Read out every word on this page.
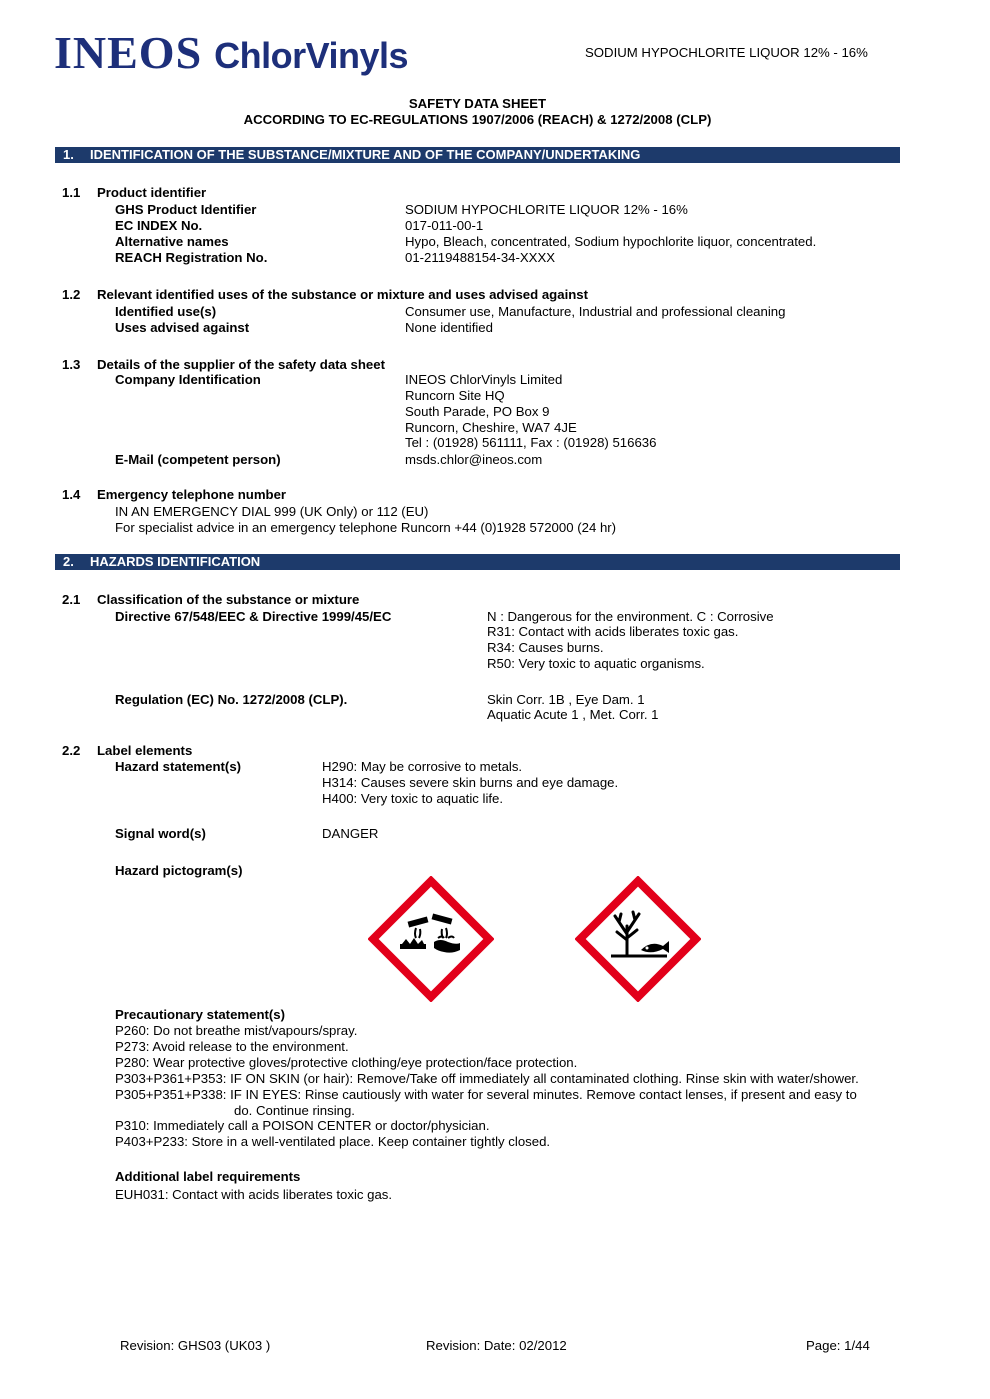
INEOS ChlorVinyls	SODIUM HYPOCHLORITE LIQUOR 12% - 16%
SAFETY DATA SHEET
ACCORDING TO EC-REGULATIONS 1907/2006 (REACH) & 1272/2008 (CLP)
1. IDENTIFICATION OF THE SUBSTANCE/MIXTURE AND OF THE COMPANY/UNDERTAKING
1.1 Product identifier
GHS Product Identifier	SODIUM HYPOCHLORITE LIQUOR 12% - 16%
EC INDEX No.	017-011-00-1
Alternative names	Hypo, Bleach, concentrated, Sodium hypochlorite liquor, concentrated.
REACH Registration No.	01-2119488154-34-XXXX
1.2 Relevant identified uses of the substance or mixture and uses advised against
Identified use(s)	Consumer use, Manufacture, Industrial and professional cleaning
Uses advised against	None identified
1.3 Details of the supplier of the safety data sheet
Company Identification	INEOS ChlorVinyls Limited
Runcorn Site HQ
South Parade, PO Box 9
Runcorn, Cheshire, WA7 4JE
Tel : (01928) 561111, Fax : (01928) 516636
E-Mail (competent person)	msds.chlor@ineos.com
1.4 Emergency telephone number
IN AN EMERGENCY DIAL 999 (UK Only) or 112 (EU)
For specialist advice in an emergency telephone Runcorn +44 (0)1928 572000 (24 hr)
2. HAZARDS IDENTIFICATION
2.1 Classification of the substance or mixture
Directive 67/548/EEC & Directive 1999/45/EC	N : Dangerous for the environment. C : Corrosive
R31: Contact with acids liberates toxic gas.
R34: Causes burns.
R50: Very toxic to aquatic organisms.
Regulation (EC) No. 1272/2008 (CLP).	Skin Corr. 1B , Eye Dam. 1
Aquatic Acute 1 , Met. Corr. 1
2.2 Label elements
Hazard statement(s)	H290: May be corrosive to metals.
H314: Causes severe skin burns and eye damage.
H400: Very toxic to aquatic life.
Signal word(s)	DANGER
Hazard pictogram(s)
Precautionary statement(s)
P260: Do not breathe mist/vapours/spray.
P273: Avoid release to the environment.
P280: Wear protective gloves/protective clothing/eye protection/face protection.
P303+P361+P353: IF ON SKIN (or hair): Remove/Take off immediately all contaminated clothing. Rinse skin with water/shower.
P305+P351+P338: IF IN EYES: Rinse cautiously with water for several minutes. Remove contact lenses, if present and easy to
do. Continue rinsing.
P310: Immediately call a POISON CENTER or doctor/physician.
P403+P233: Store in a well-ventilated place. Keep container tightly closed.
Additional label requirements
EUH031: Contact with acids liberates toxic gas.
Revision: GHS03 (UK03 )	Revision: Date: 02/2012	Page: 1/44
